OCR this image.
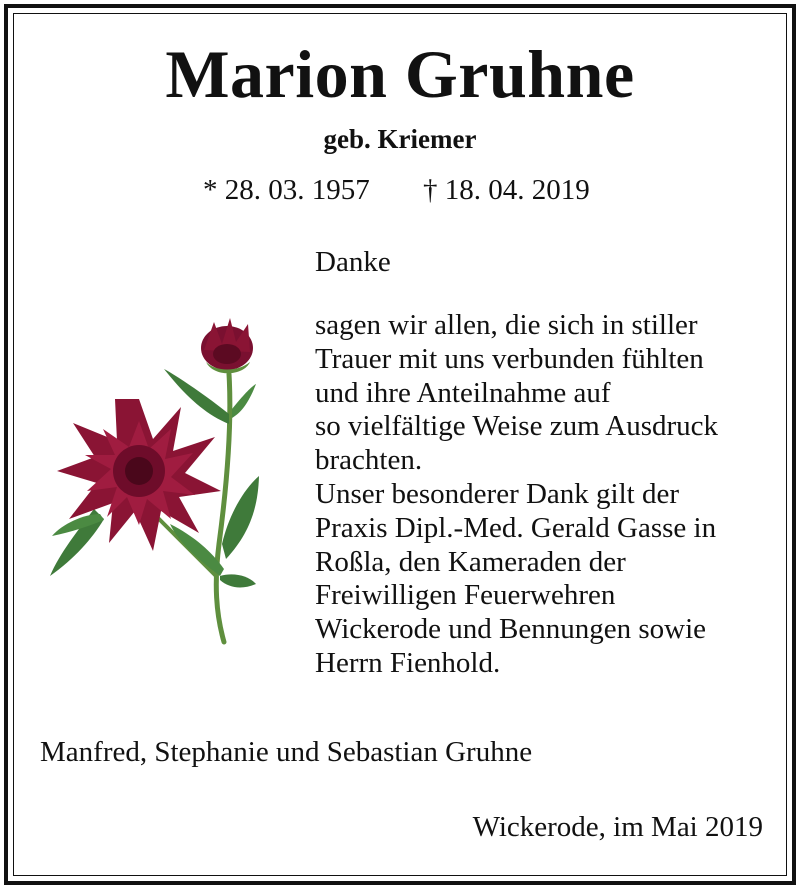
Marion Gruhne
geb. Kriemer
* 28. 03. 1957 † 18. 04. 2019
Danke
sagen wir allen, die sich in stiller
Trauer mit uns verbunden fühlten
und ihre Anteilnahme auf
so vielfältige Weise zum Ausdruck
brachten.
Unser besonderer Dank gilt der
Praxis Dipl.-Med. Gerald Gasse in
Roßla, den Kameraden der
Freiwilligen Feuerwehren
Wickerode und Bennungen sowie
Herrn Fienhold.
Manfred, Stephanie und Sebastian Gruhne
Wickerode, im Mai 2019
